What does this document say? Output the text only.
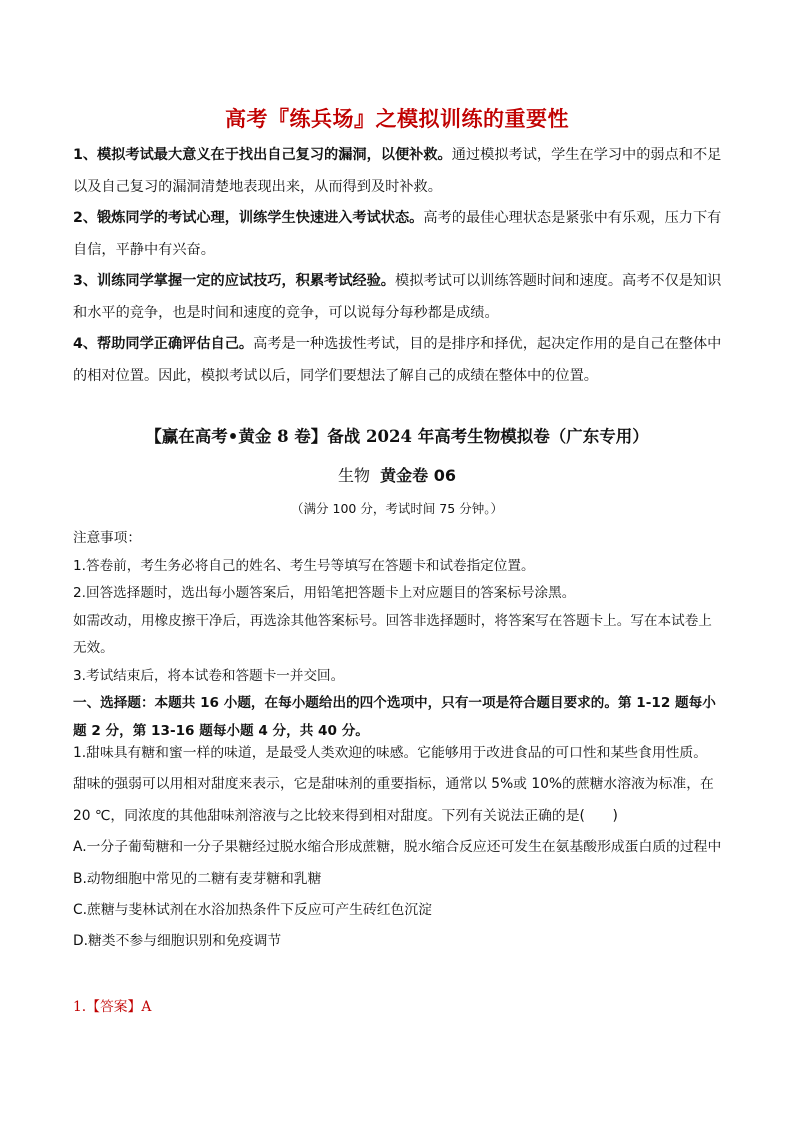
高考『练兵场』之模拟训练的重要性

1、模拟考试最大意义在于找出自己复习的漏洞，以便补救。通过模拟考试，学生在学习中的弱点和不足以及自己复习的漏洞清楚地表现出来，从而得到及时补救。

2、锻炼同学的考试心理，训练学生快速进入考试状态。高考的最佳心理状态是紧张中有乐观，压力下有自信，平静中有兴奋。

3、训练同学掌握一定的应试技巧，积累考试经验。模拟考试可以训练答题时间和速度。高考不仅是知识和水平的竞争，也是时间和速度的竞争，可以说每分每秒都是成绩。

4、帮助同学正确评估自己。高考是一种选拔性考试，目的是排序和择优，起决定作用的是自己在整体中的相对位置。因此，模拟考试以后，同学们要想法了解自己的成绩在整体中的位置。

【赢在高考•黄金 8 卷】备战 2024 年高考生物模拟卷（广东专用）
生物 黄金卷 06
（满分 100 分，考试时间 75 分钟。）

注意事项：

1.答卷前，考生务必将自己的姓名、考生号等填写在答题卡和试卷指定位置。

2.回答选择题时，选出每小题答案后，用铅笔把答题卡上对应题目的答案标号涂黑。

如需改动，用橡皮擦干净后，再选涂其他答案标号。回答非选择题时，将答案写在答题卡上。写在本试卷上无效。

3.考试结束后，将本试卷和答题卡一并交回。

一、选择题：本题共 16 小题，在每小题给出的四个选项中，只有一项是符合题目要求的。第 1-12 题每小题 2 分，第 13-16 题每小题 4 分，共 40 分。

1.甜味具有糖和蜜一样的味道，是最受人类欢迎的味感。它能够用于改进食品的可口性和某些食用性质。

甜味的强弱可以用相对甜度来表示，它是甜味剂的重要指标，通常以 5%或 10%的蔗糖水溶液为标准，在

20 ℃，同浓度的其他甜味剂溶液与之比较来得到相对甜度。下列有关说法正确的是(　　)

A.一分子葡萄糖和一分子果糖经过脱水缩合形成蔗糖，脱水缩合反应还可发生在氨基酸形成蛋白质的过程中

B.动物细胞中常见的二糖有麦芽糖和乳糖

C.蔗糖与斐林试剂在水浴加热条件下反应可产生砖红色沉淀

D.糖类不参与细胞识别和免疫调节

1.【答案】A
